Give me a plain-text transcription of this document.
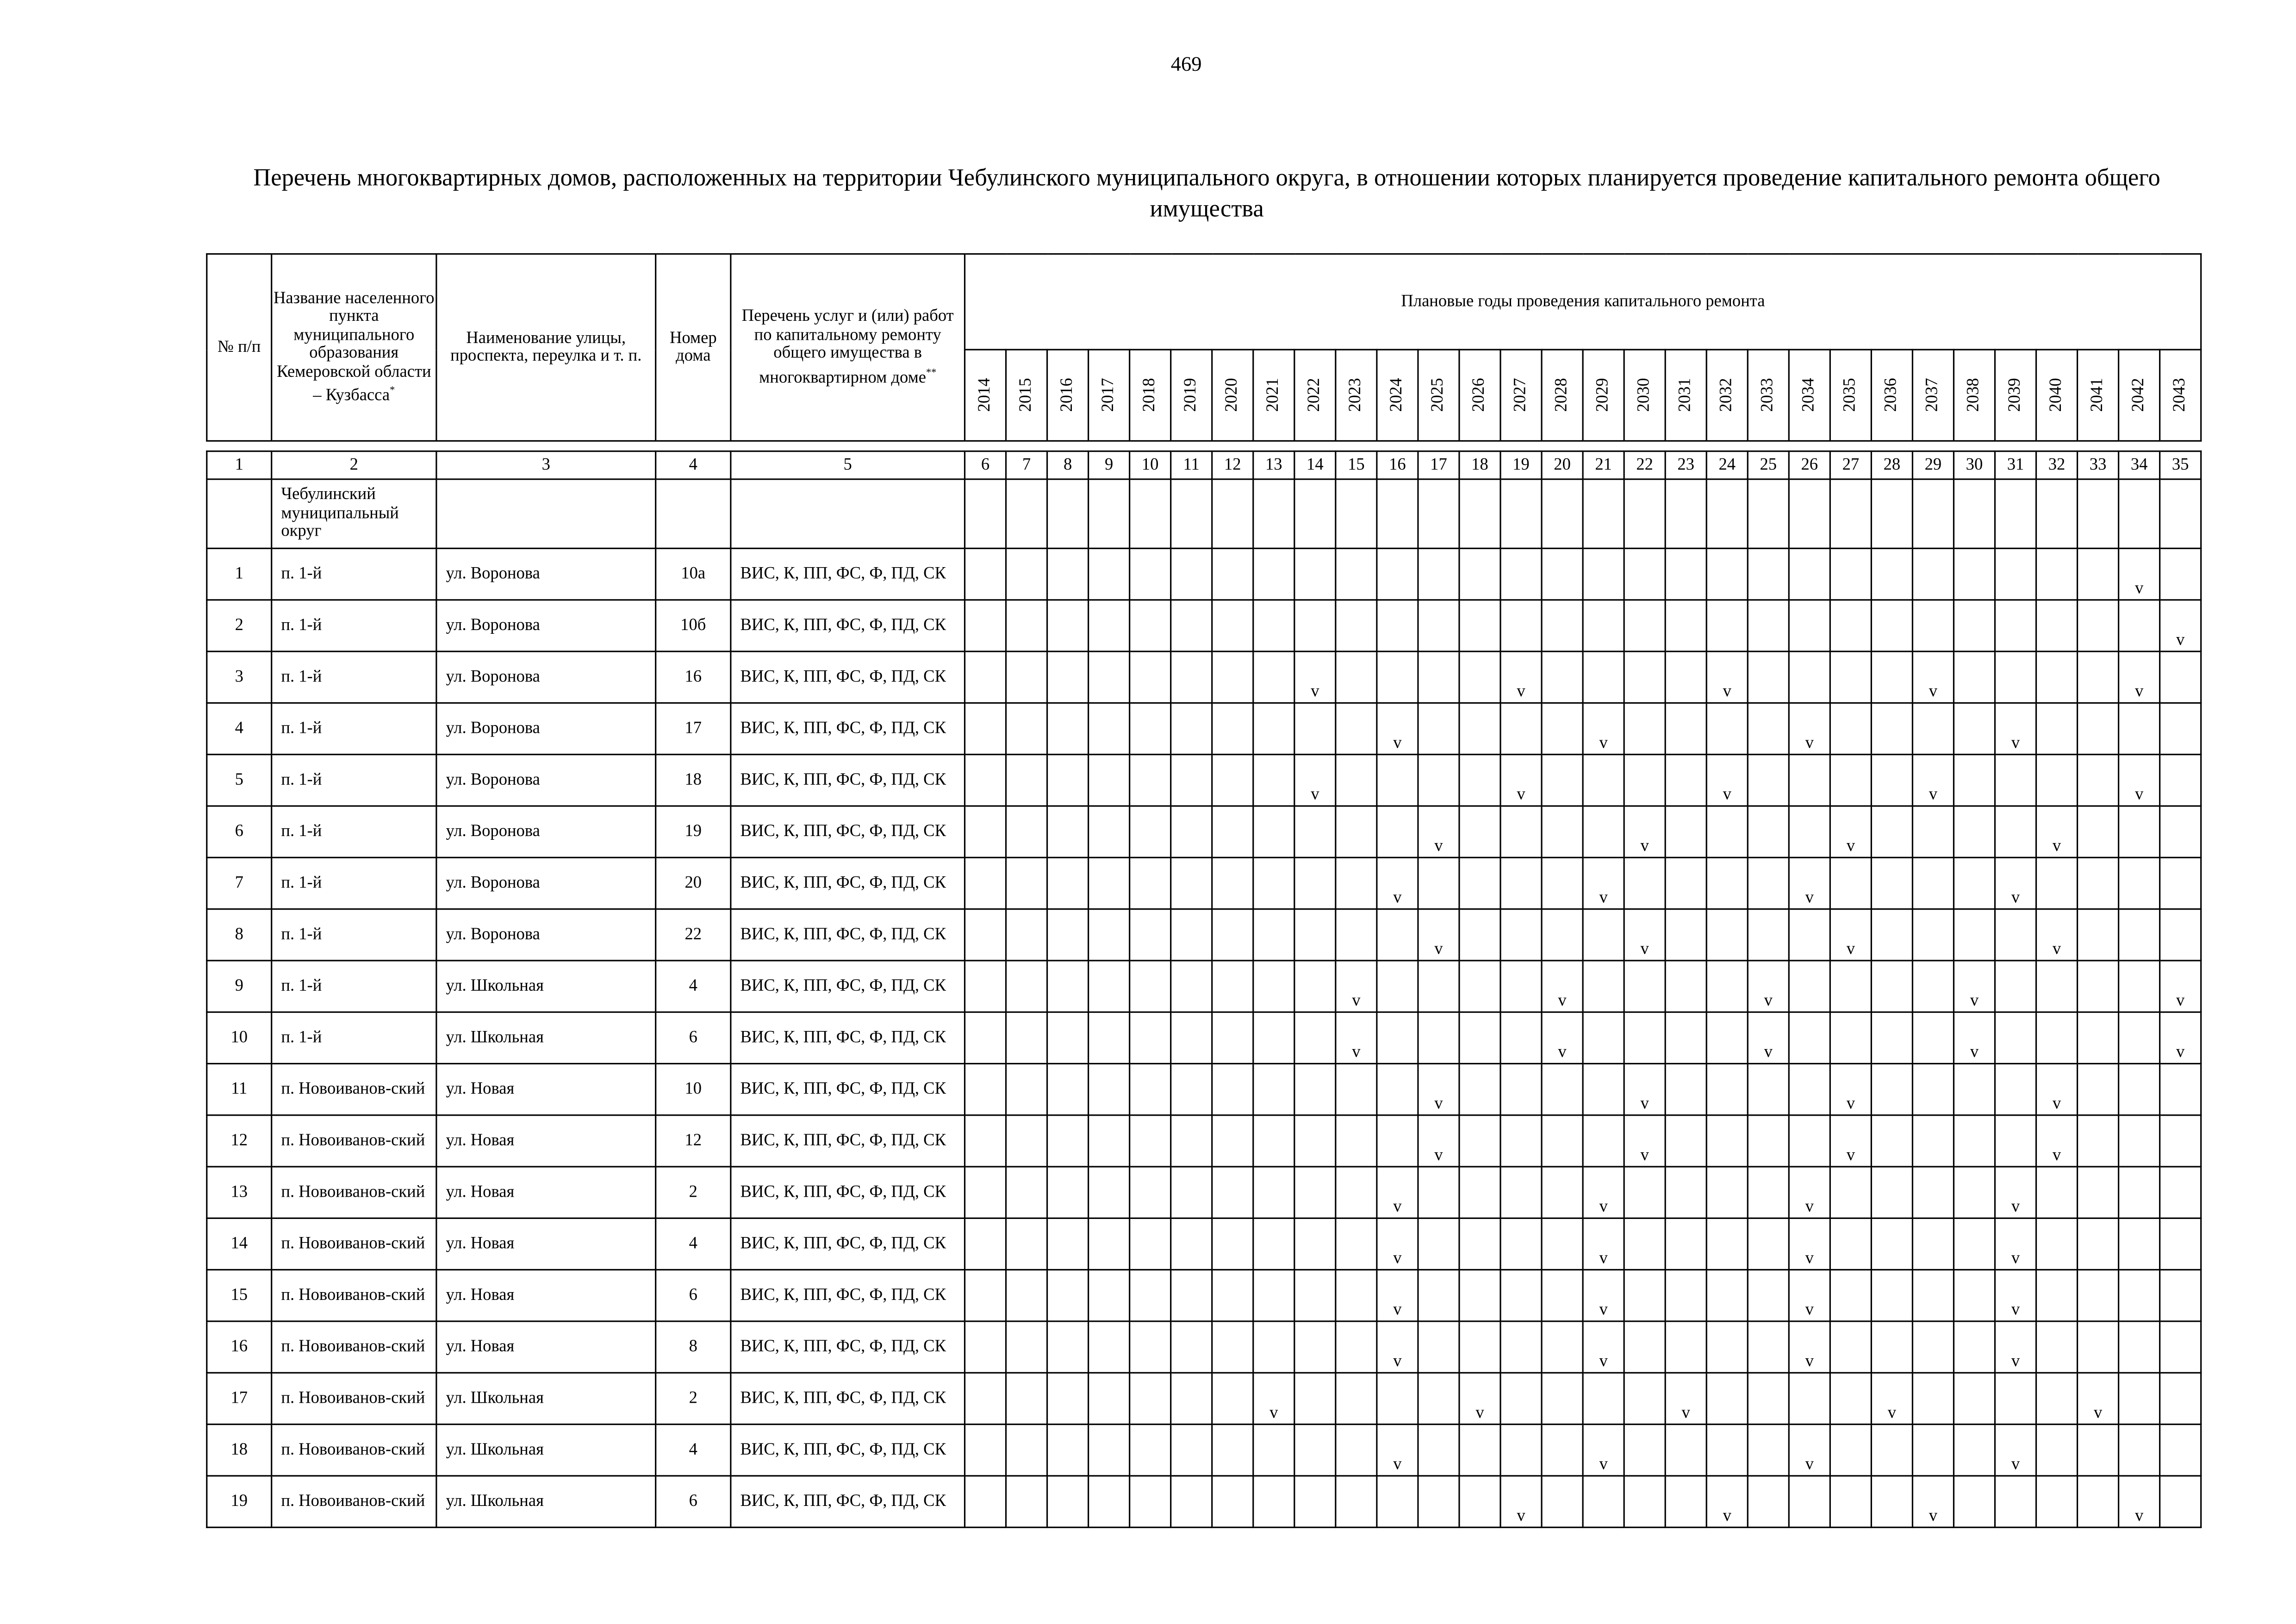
469
Перечень многоквартирных домов, расположенных на территории Чебулинского муниципального округа, в отношении которых планируется проведение капитального ремонта общего имущества
№ п/п	Название населенного пункта муниципального образования Кемеровской области – Кузбасса*	Наименование улицы, проспекта, переулка и т. п.	Номер дома	Перечень услуг и (или) работ по капитальному ремонту общего имущества в многоквартирном доме**	Плановые годы проведения капитального ремонта																													
					2014	2015	2016	2017	2018	2019	2020	2021	2022	2023	2024	2025	2026	2027	2028	2029	2030	2031	2032	2033	2034	2035	2036	2037	2038	2039	2040	2041	2042	2043
1	2	3	4	5	6	7	8	9	10	11	12	13	14	15	16	17	18	19	20	21	22	23	24	25	26	27	28	29	30	31	32	33	34	35
	Чебулинский муниципальный округ																																	
1	п. 1-й	ул. Воронова	10а	ВИС, К, ПП, ФС, Ф, ПД, СК																													v	
2	п. 1-й	ул. Воронова	10б	ВИС, К, ПП, ФС, Ф, ПД, СК																														v
3	п. 1-й	ул. Воронова	16	ВИС, К, ПП, ФС, Ф, ПД, СК									v					v					v					v					v	
4	п. 1-й	ул. Воронова	17	ВИС, К, ПП, ФС, Ф, ПД, СК											v					v					v					v				
5	п. 1-й	ул. Воронова	18	ВИС, К, ПП, ФС, Ф, ПД, СК									v					v					v					v					v	
6	п. 1-й	ул. Воронова	19	ВИС, К, ПП, ФС, Ф, ПД, СК												v					v					v					v			
7	п. 1-й	ул. Воронова	20	ВИС, К, ПП, ФС, Ф, ПД, СК											v					v					v					v				
8	п. 1-й	ул. Воронова	22	ВИС, К, ПП, ФС, Ф, ПД, СК												v					v					v					v			
9	п. 1-й	ул. Школьная	4	ВИС, К, ПП, ФС, Ф, ПД, СК										v					v					v					v					v
10	п. 1-й	ул. Школьная	6	ВИС, К, ПП, ФС, Ф, ПД, СК										v					v					v					v					v
11	п. Новоиванов-ский	ул. Новая	10	ВИС, К, ПП, ФС, Ф, ПД, СК												v					v					v					v			
12	п. Новоиванов-ский	ул. Новая	12	ВИС, К, ПП, ФС, Ф, ПД, СК												v					v					v					v			
13	п. Новоиванов-ский	ул. Новая	2	ВИС, К, ПП, ФС, Ф, ПД, СК											v					v					v					v				
14	п. Новоиванов-ский	ул. Новая	4	ВИС, К, ПП, ФС, Ф, ПД, СК											v					v					v					v				
15	п. Новоиванов-ский	ул. Новая	6	ВИС, К, ПП, ФС, Ф, ПД, СК											v					v					v					v				
16	п. Новоиванов-ский	ул. Новая	8	ВИС, К, ПП, ФС, Ф, ПД, СК											v					v					v					v				
17	п. Новоиванов-ский	ул. Школьная	2	ВИС, К, ПП, ФС, Ф, ПД, СК								v					v					v					v					v		
18	п. Новоиванов-ский	ул. Школьная	4	ВИС, К, ПП, ФС, Ф, ПД, СК											v					v					v					v				
19	п. Новоиванов-ский	ул. Школьная	6	ВИС, К, ПП, ФС, Ф, ПД, СК														v					v					v					v	
